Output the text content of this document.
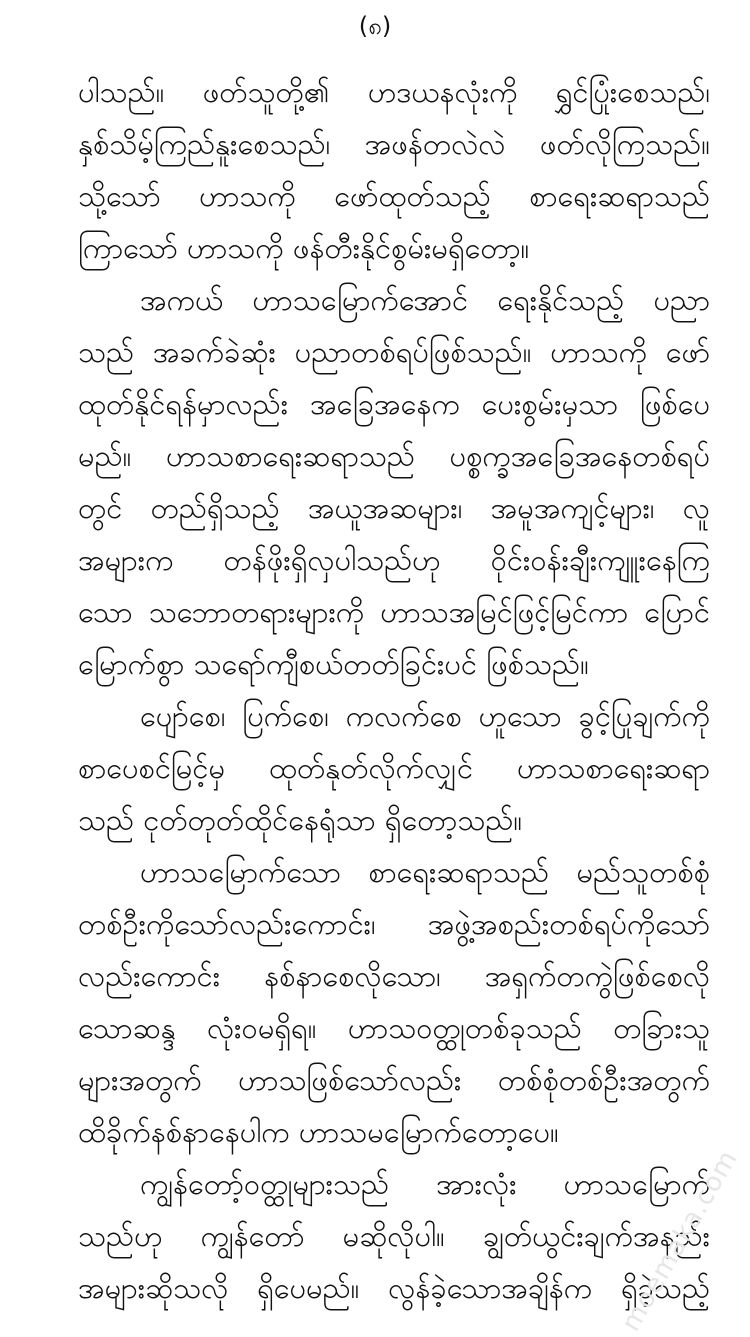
(၈)
ပါသည်။ ဖတ်သူတို့၏ ဟဒယနလုံးကို ရွှင်ပြုံးစေသည်၊
နှစ်သိမ့်ကြည်နူးစေသည်၊ အဖန်တလဲလဲ ဖတ်လိုကြသည်။
သို့သော် ဟာသကို ဖော်ထုတ်သည့် စာရေးဆရာသည်
ကြာသော် ဟာသကို ဖန်တီးနိုင်စွမ်းမရှိတော့။
အကယ် ဟာသမြောက်အောင် ရေးနိုင်သည့် ပညာ
သည် အခက်ခဲဆုံး ပညာတစ်ရပ်ဖြစ်သည်။ ဟာသကို ဖော်
ထုတ်နိုင်ရန်မှာလည်း အခြေအနေက ပေးစွမ်းမှသာ ဖြစ်ပေ
မည်။ ဟာသစာရေးဆရာသည် ပစ္စက္ခအခြေအနေတစ်ရပ်
တွင် တည်ရှိသည့် အယူအဆများ၊ အမူအကျင့်များ၊ လူ
အများက တန်ဖိုးရှိလှပါသည်ဟု ဝိုင်းဝန်းချီးကျူးနေကြ
သော သဘောတရားများကို ဟာသအမြင်ဖြင့်မြင်ကာ ပြောင်
မြောက်စွာ သရော်ကျီစယ်တတ်ခြင်းပင် ဖြစ်သည်။
ပျော်စေ၊ ပြက်စေ၊ ကလက်စေ ဟူသော ခွင့်ပြုချက်ကို
စာပေစင်မြင့်မှ ထုတ်နုတ်လိုက်လျှင် ဟာသစာရေးဆရာ
သည် ငုတ်တုတ်ထိုင်နေရုံသာ ရှိတော့သည်။
ဟာသမြောက်သော စာရေးဆရာသည် မည်သူတစ်စုံ
တစ်ဦးကိုသော်လည်းကောင်း၊ အဖွဲ့အစည်းတစ်ရပ်ကိုသော်
လည်းကောင်း နစ်နာစေလိုသော၊ အရှက်တကွဲဖြစ်စေလို
သောဆန္ဒ လုံးဝမရှိရ။ ဟာသဝတ္ထုတစ်ခုသည် တခြားသူ
များအတွက် ဟာသဖြစ်သော်လည်း တစ်စုံတစ်ဦးအတွက်
ထိခိုက်နစ်နာနေပါက ဟာသမမြောက်တော့ပေ။
ကျွန်တော့်ဝတ္ထုများသည် အားလုံး ဟာသမြောက်
သည်ဟု ကျွန်တော် မဆိုလိုပါ။ ချွတ်ယွင်းချက်အနည်း
အများဆိုသလို ရှိပေမည်။ လွန်ခဲ့သောအချိန်က ရှိခဲ့သည့်
moemaka.com
